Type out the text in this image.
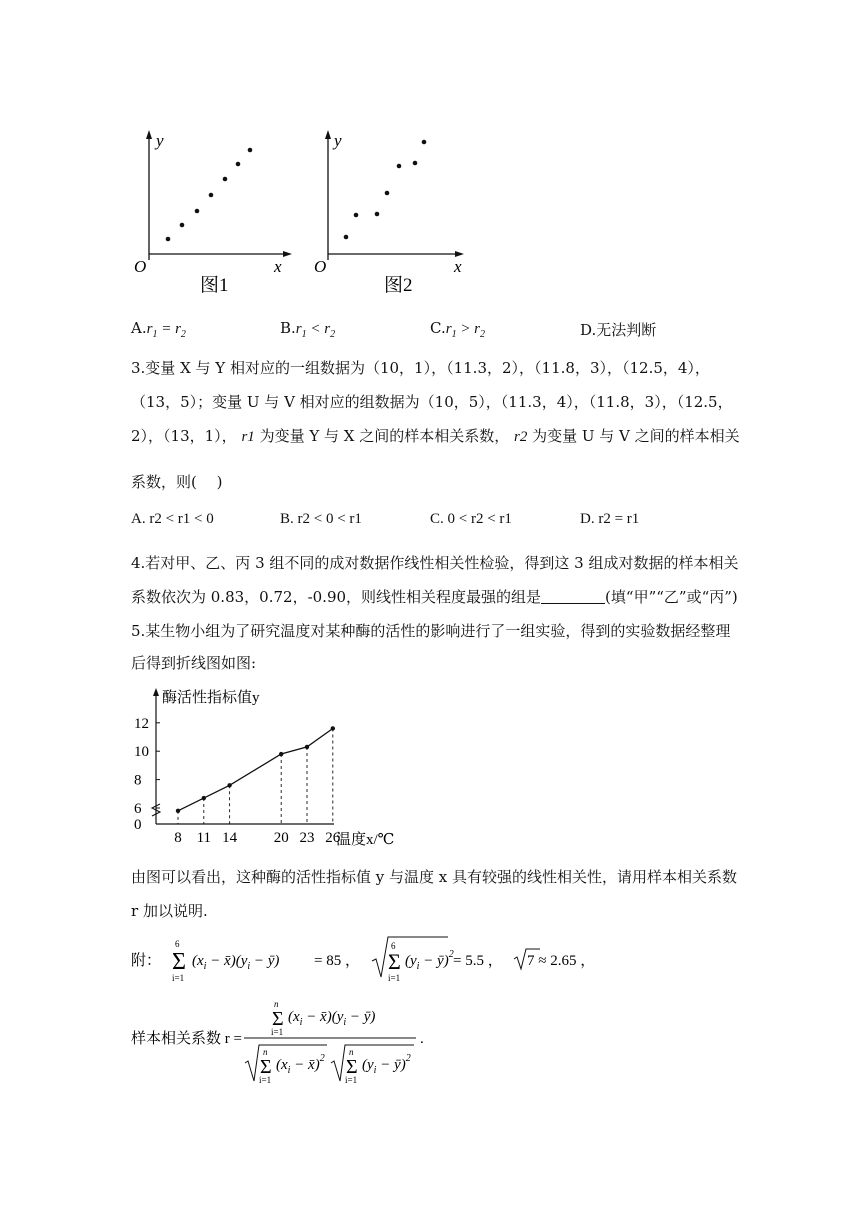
y
O	x
图1
y
O	x
图2
$A.r_1 = r_2$	$B.r_1 < r_2$	$C.r_1 > r_2$	D.无法判断
3.变量 X 与 Y 相对应的一组数据为（10，1），（11.3，2），（11.8，3），（12.5，4），
（13，5）；变量 U 与 V 相对应的组数据为（10，5），（11.3，4），（11.8，3），（12.5，
2），（13，1）， r1 为变量 Y 与 X 之间的样本相关系数， r2 为变量 U 与 V 之间的样本相关
系数，则(　 )
A. r2 < r1 < 0	B. r2 < 0 < r1	C. 0 < r2 < r1	D. r2 = r1
4.若对甲、乙、丙 3 组不同的成对数据作线性相关性检验，得到这 3 组成对数据的样本相关
系数依次为 0.83，0.72，-0.90，则线性相关程度最强的组是	(填“甲”“乙”或“丙”)
5.某生物小组为了研究温度对某种酶的活性的影响进行了一组实验，得到的实验数据经整理
后得到折线图如图:
酶活性指标值y
温度x/℃
0
6
8
10
12
8 11 14 20 23 26
由图可以看出，这种酶的活性指标值 y 与温度 x 具有较强的线性相关性，请用样本相关系数
r 加以说明.
附： Σ
6
i=1
($x_i$ − $x̄)(y_i$ − ȳ) = 85 ， Σ
6
i=1
($y_i$ − ȳ)$^2$ = 5.5 ， 7 ≈ 2.65 ，
样本相关系数 r =
Σ
n
i=1
($x_i$ − $x̄)(y_i$ − ȳ)
Σ
n
i=1
($x_i$ − x̄)$^2$ Σ
n
i=1
($y_i$ − ȳ)$^2$
.
